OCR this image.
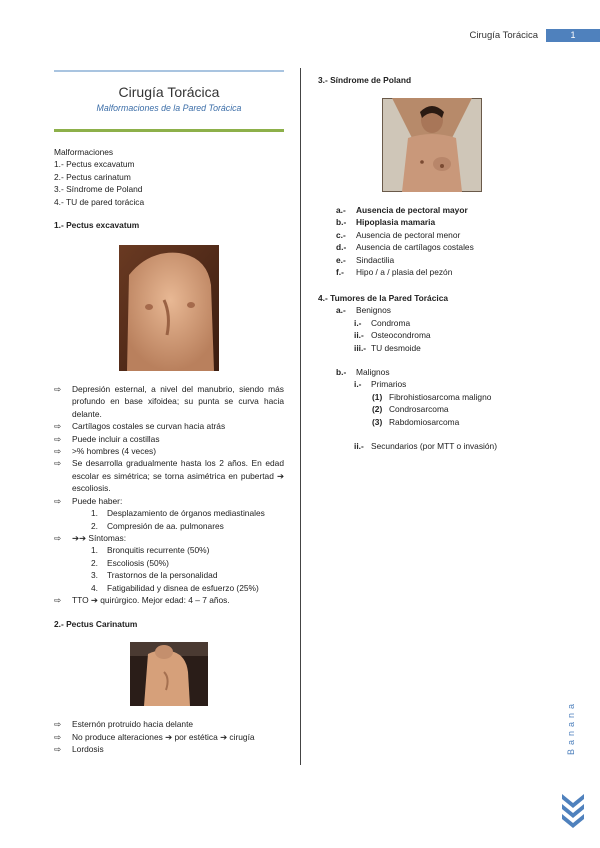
Cirugía Torácica	1
Cirugía Torácica
Malformaciones de la Pared Torácica
Malformaciones
1.- Pectus excavatum
2.- Pectus carinatum
3.- Síndrome de Poland
4.- TU de pared torácica
1.- Pectus excavatum
⇨ Depresión esternal, a nivel del manubrio, siendo más profundo en base xifoidea; su punta se curva hacia delante.
⇨ Cartílagos costales se curvan hacia atrás
⇨ Puede incluir a costillas
⇨ >% hombres (4 veces)
⇨ Se desarrolla gradualmente hasta los 2 años. En edad escolar es simétrica; se torna asimétrica en pubertad ➔ escoliosis.
⇨ Puede haber:
1. Desplazamiento de órganos mediastinales
2. Compresión de aa. pulmonares
⇨ ➔➔ Síntomas:
1. Bronquitis recurrente (50%)
2. Escoliosis (50%)
3. Trastornos de la personalidad
4. Fatigabilidad y disnea de esfuerzo (25%)
⇨ TTO ➔ quirúrgico. Mejor edad: 4 – 7 años.
2.- Pectus Carinatum
⇨ Esternón protruido hacia delante
⇨ No produce alteraciones ➔ por estética ➔ cirugía
⇨ Lordosis
3.- Síndrome de Poland
a.- Ausencia de pectoral mayor
b.- Hipoplasia mamaria
c.- Ausencia de pectoral menor
d.- Ausencia de cartílagos costales
e.- Sindactilia
f.- Hipo / a / plasia del pezón
4.- Tumores de la Pared Torácica
a.- Benignos
i.- Condroma
ii.- Osteocondroma
iii.- TU desmoide
b.- Malignos
i.- Primarios
(1) Fibrohistiosarcoma maligno
(2) Condrosarcoma
(3) Rabdomiosarcoma
ii.- Secundarios (por MTT o invasión)
Banana
